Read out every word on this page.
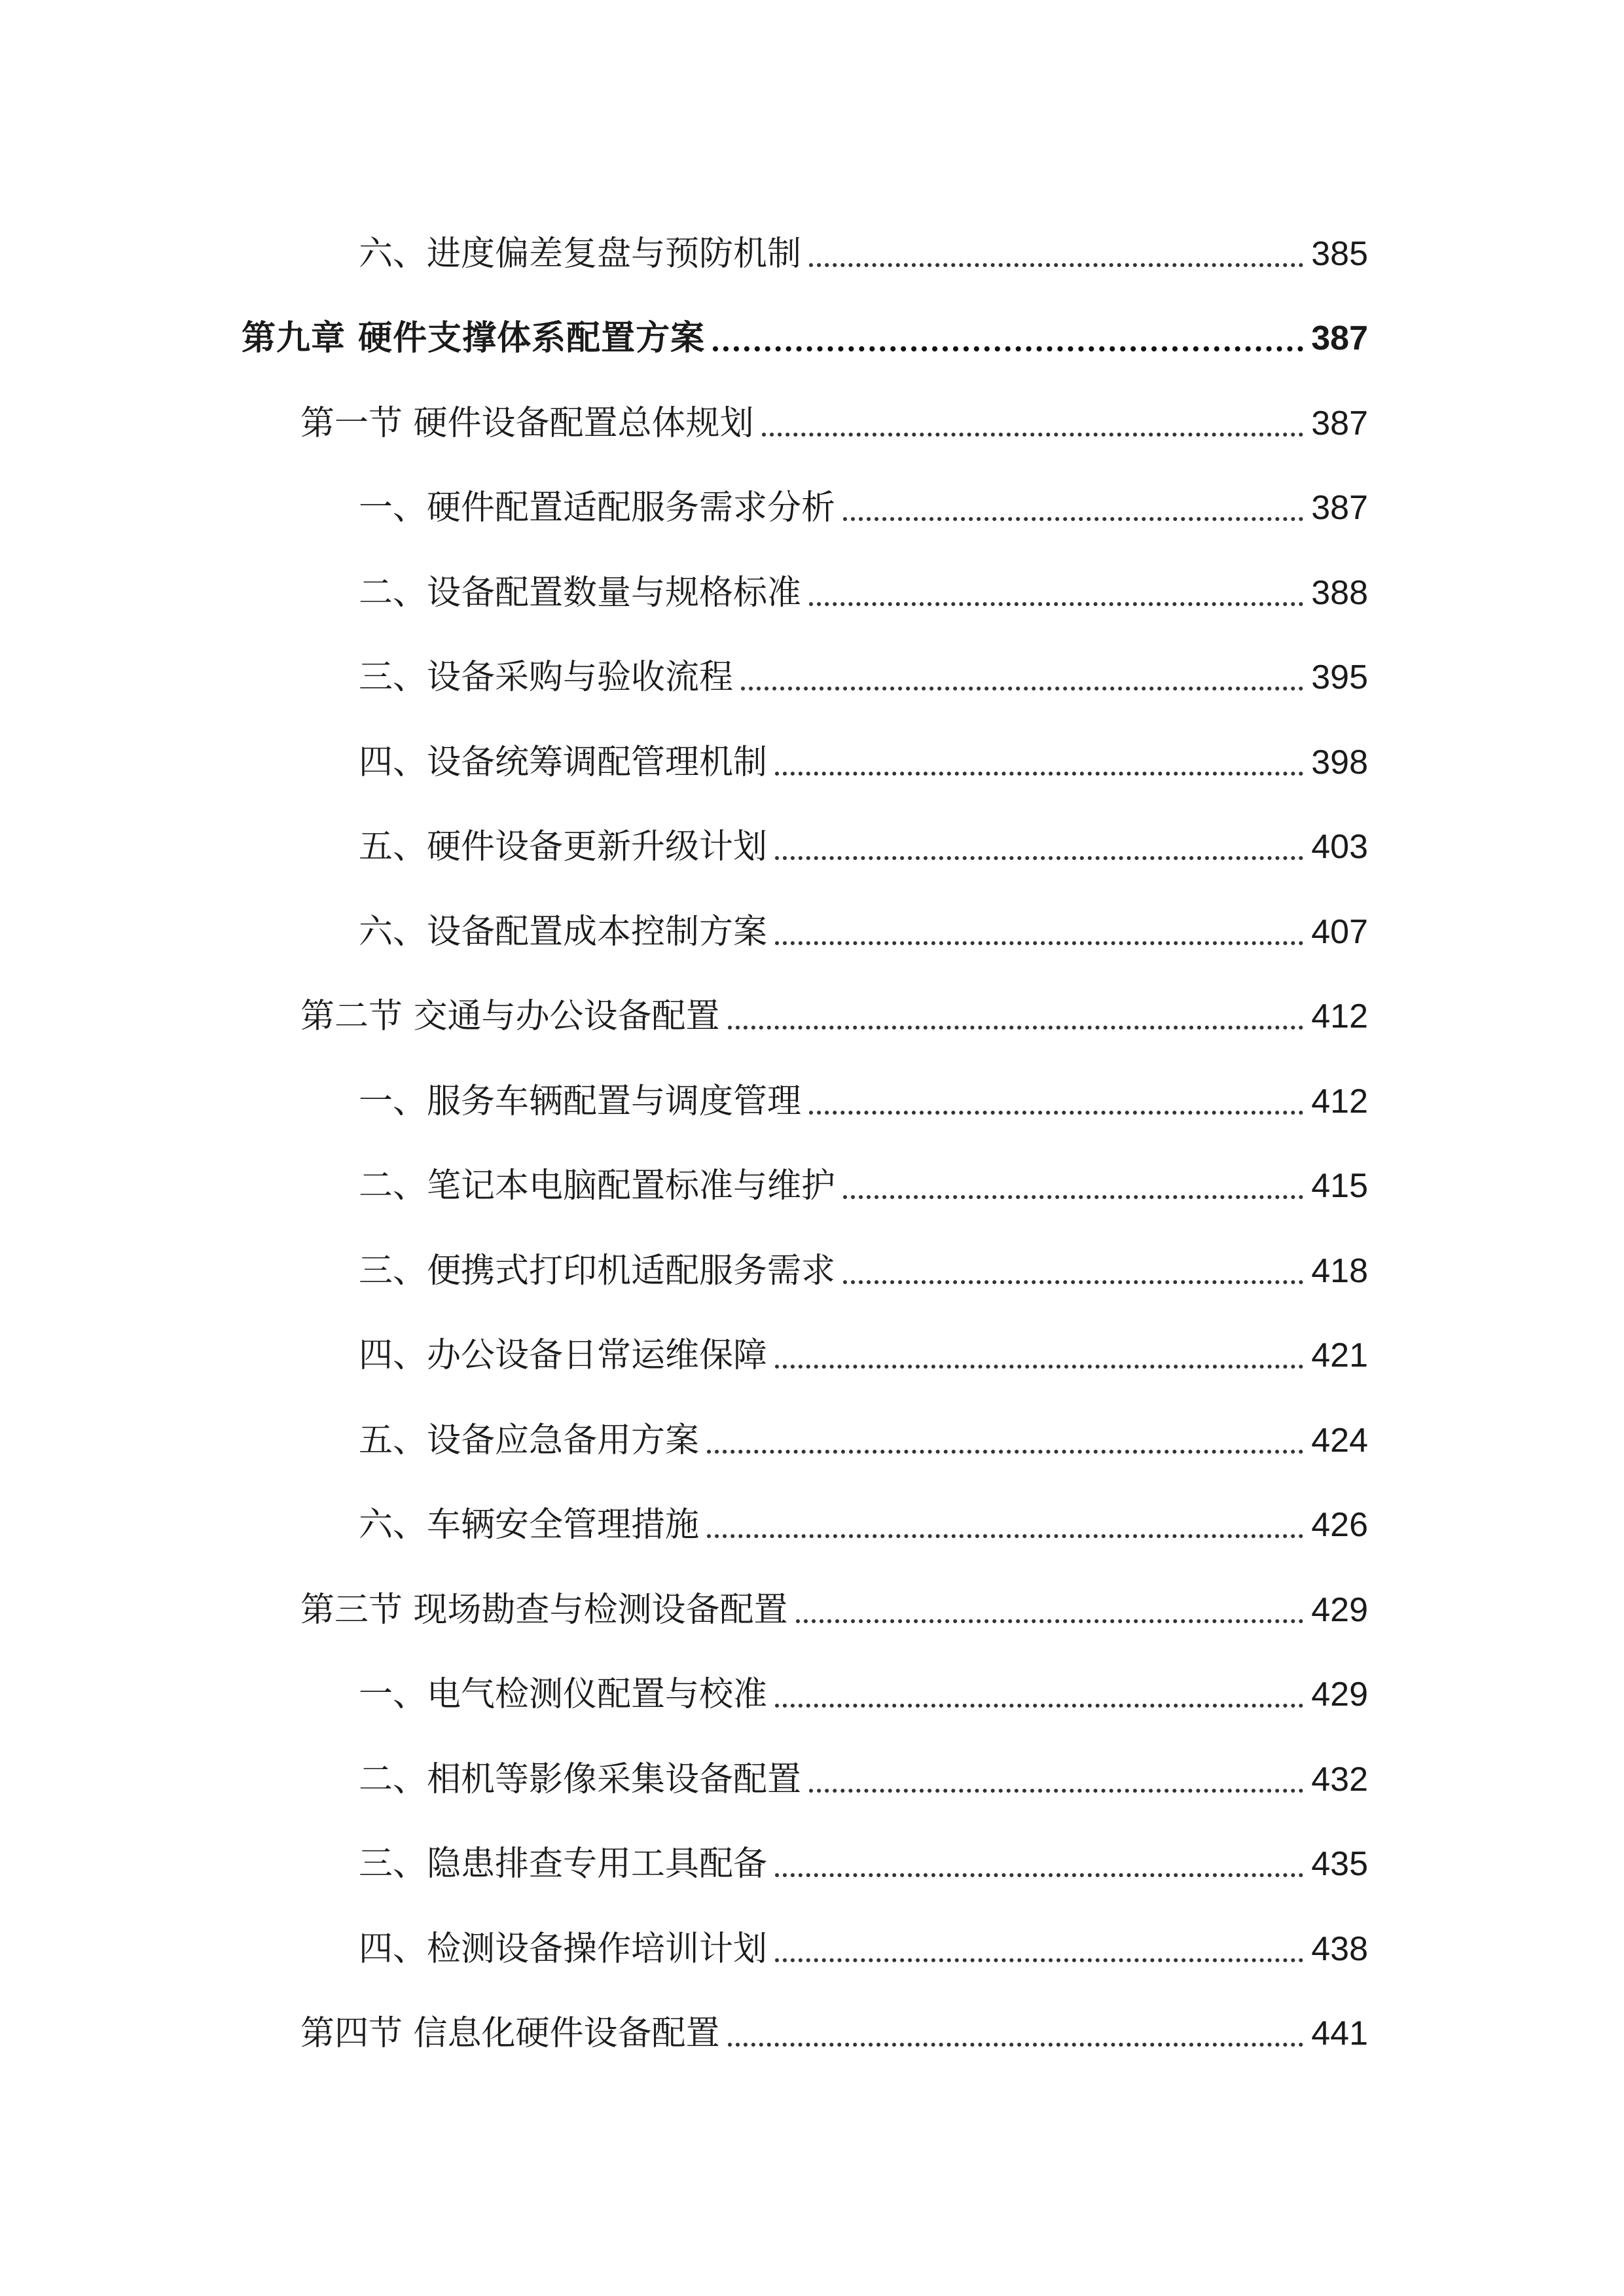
六、进度偏差复盘与预防机制	385
第九章 硬件支撑体系配置方案	387
第一节 硬件设备配置总体规划	387
一、硬件配置适配服务需求分析	387
二、设备配置数量与规格标准	388
三、设备采购与验收流程	395
四、设备统筹调配管理机制	398
五、硬件设备更新升级计划	403
六、设备配置成本控制方案	407
第二节 交通与办公设备配置	412
一、服务车辆配置与调度管理	412
二、笔记本电脑配置标准与维护	415
三、便携式打印机适配服务需求	418
四、办公设备日常运维保障	421
五、设备应急备用方案	424
六、车辆安全管理措施	426
第三节 现场勘查与检测设备配置	429
一、电气检测仪配置与校准	429
二、相机等影像采集设备配置	432
三、隐患排查专用工具配备	435
四、检测设备操作培训计划	438
第四节 信息化硬件设备配置	441
